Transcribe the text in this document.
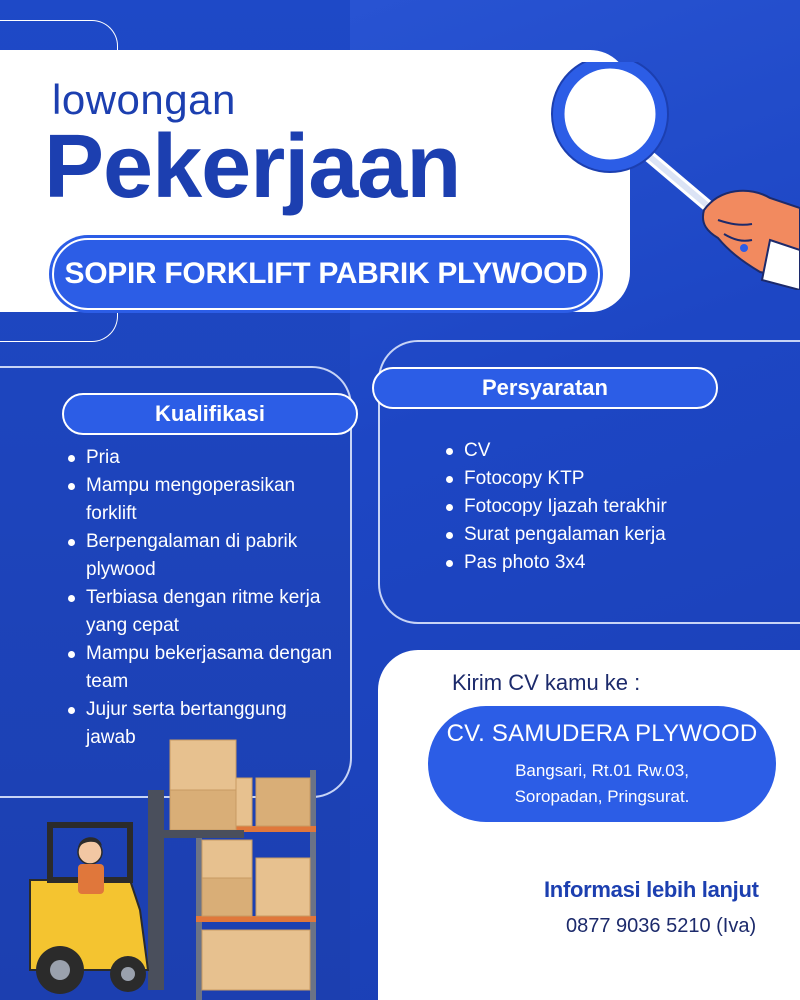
lowongan
Pekerjaan
SOPIR FORKLIFT PABRIK PLYWOOD
Kualifikasi
Pria
Mampu mengoperasikan forklift
Berpengalaman di pabrik plywood
Terbiasa dengan ritme kerja yang cepat
Mampu bekerjasama dengan team
Jujur serta bertanggung jawab
Persyaratan
CV
Fotocopy KTP
Fotocopy Ijazah terakhir
Surat pengalaman kerja
Pas photo 3x4
Kirim CV kamu ke :
CV. SAMUDERA PLYWOOD
Bangsari, Rt.01 Rw.03,
Soropadan, Pringsurat.
Informasi lebih lanjut
0877 9036 5210 (Iva)
